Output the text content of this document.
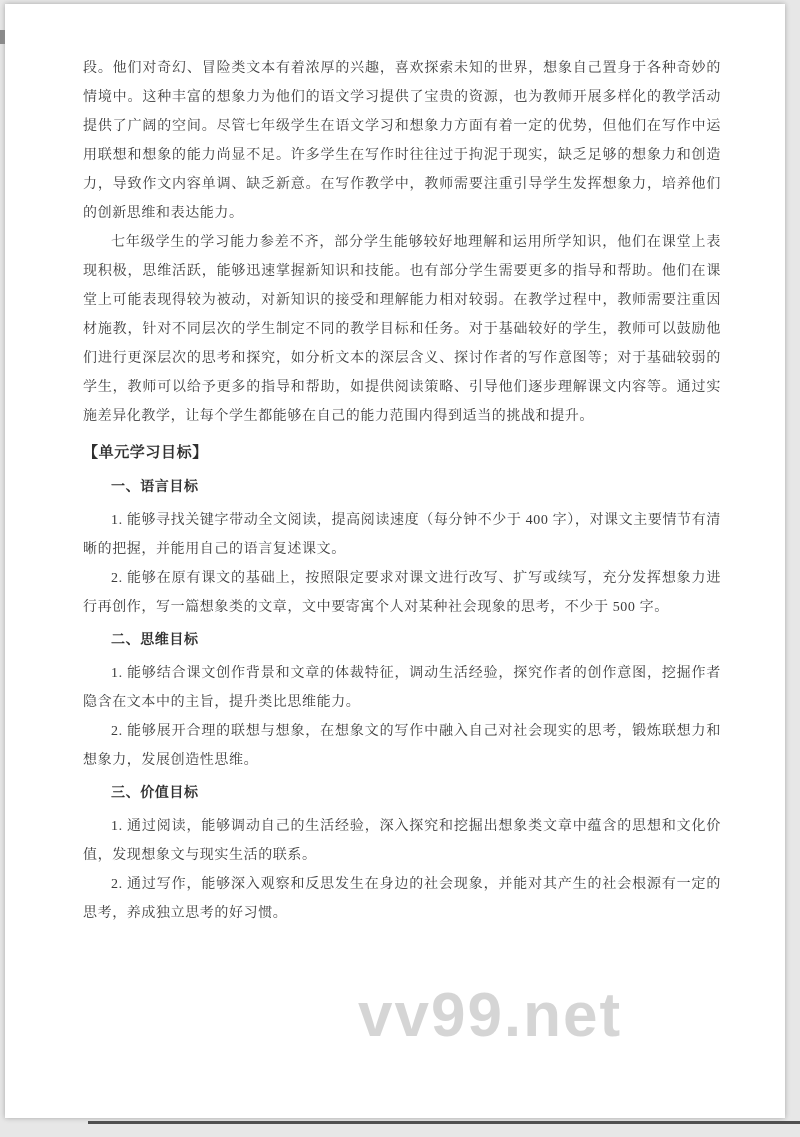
段。他们对奇幻、冒险类文本有着浓厚的兴趣，喜欢探索未知的世界，想象自己置身于各种奇妙的情境中。这种丰富的想象力为他们的语文学习提供了宝贵的资源，也为教师开展多样化的教学活动提供了广阔的空间。尽管七年级学生在语文学习和想象力方面有着一定的优势，但他们在写作中运用联想和想象的能力尚显不足。许多学生在写作时往往过于拘泥于现实，缺乏足够的想象力和创造力，导致作文内容单调、缺乏新意。在写作教学中，教师需要注重引导学生发挥想象力，培养他们的创新思维和表达能力。

七年级学生的学习能力参差不齐，部分学生能够较好地理解和运用所学知识，他们在课堂上表现积极，思维活跃，能够迅速掌握新知识和技能。也有部分学生需要更多的指导和帮助。他们在课堂上可能表现得较为被动，对新知识的接受和理解能力相对较弱。在教学过程中，教师需要注重因材施教，针对不同层次的学生制定不同的教学目标和任务。对于基础较好的学生，教师可以鼓励他们进行更深层次的思考和探究，如分析文本的深层含义、探讨作者的写作意图等；对于基础较弱的学生，教师可以给予更多的指导和帮助，如提供阅读策略、引导他们逐步理解课文内容等。通过实施差异化教学，让每个学生都能够在自己的能力范围内得到适当的挑战和提升。

【单元学习目标】
一、语言目标

1. 能够寻找关键字带动全文阅读，提高阅读速度（每分钟不少于 400 字），对课文主要情节有清晰的把握，并能用自己的语言复述课文。

2. 能够在原有课文的基础上，按照限定要求对课文进行改写、扩写或续写，充分发挥想象力进行再创作，写一篇想象类的文章，文中要寄寓个人对某种社会现象的思考，不少于 500 字。

二、思维目标

1. 能够结合课文创作背景和文章的体裁特征，调动生活经验，探究作者的创作意图，挖掘作者隐含在文本中的主旨，提升类比思维能力。

2. 能够展开合理的联想与想象，在想象文的写作中融入自己对社会现实的思考，锻炼联想力和想象力，发展创造性思维。

三、价值目标

1. 通过阅读，能够调动自己的生活经验，深入探究和挖掘出想象类文章中蕴含的思想和文化价值，发现想象文与现实生活的联系。

2. 通过写作，能够深入观察和反思发生在身边的社会现象，并能对其产生的社会根源有一定的思考，养成独立思考的好习惯。

vv99.net
